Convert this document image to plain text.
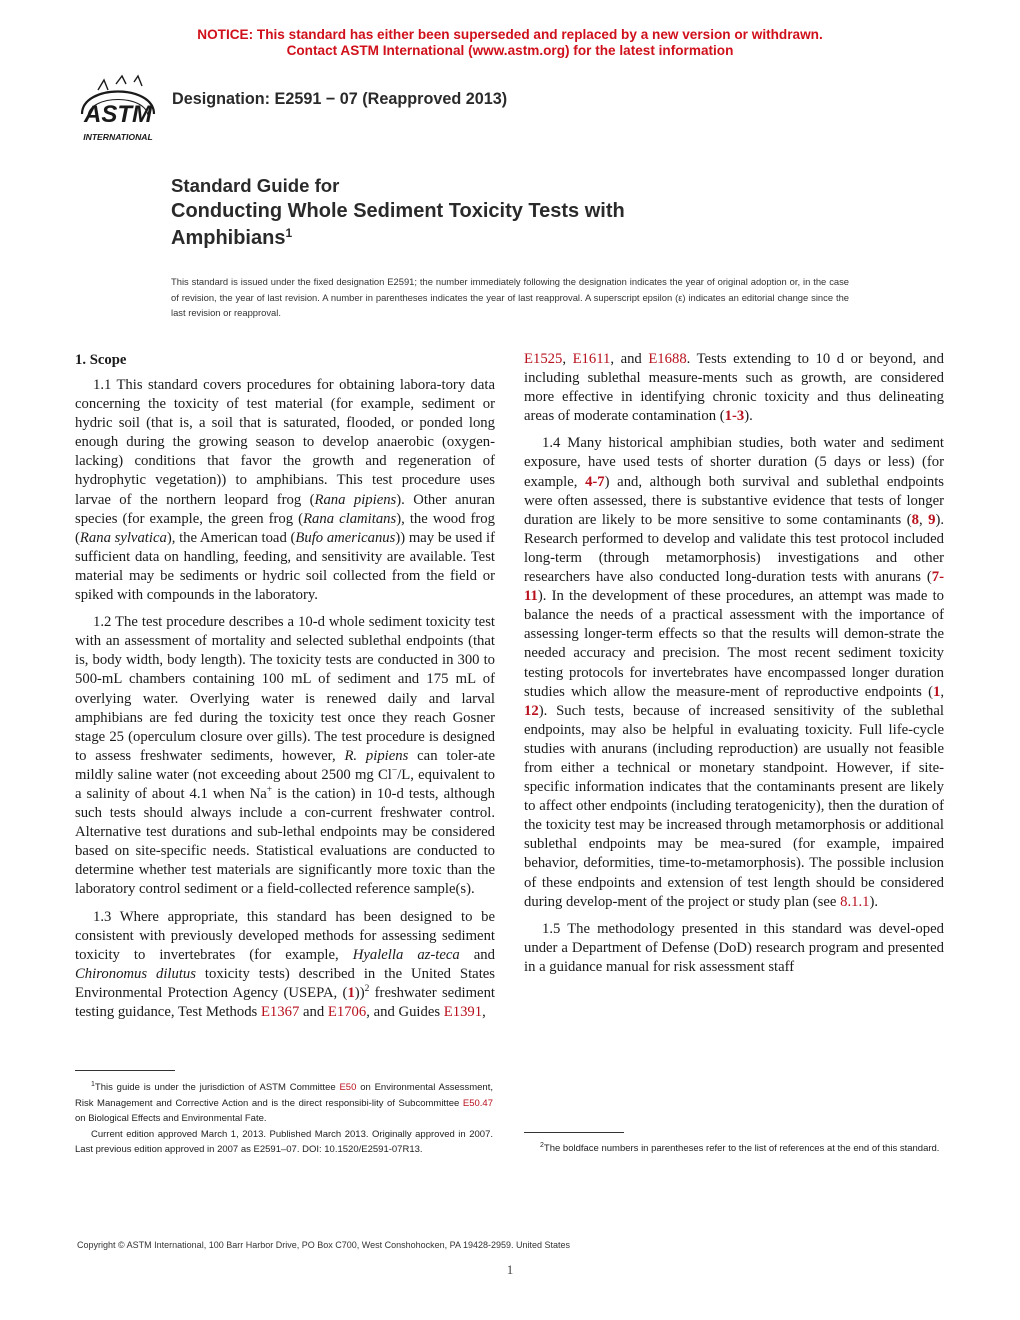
NOTICE: This standard has either been superseded and replaced by a new version or withdrawn.
Contact ASTM International (www.astm.org) for the latest information
ASTM
INTERNATIONAL
Designation: E2591 − 07 (Reapproved 2013)
Standard Guide for
Conducting Whole Sediment Toxicity Tests with
Amphibians$^1$
This standard is issued under the fixed designation E2591; the number immediately following the designation indicates the year of original adoption or, in the case of revision, the year of last revision. A number in parentheses indicates the year of last reapproval. A superscript epsilon (ε) indicates an editorial change since the last revision or reapproval.
1. Scope

1.1 This standard covers procedures for obtaining labora-tory data concerning the toxicity of test material (for example, sediment or hydric soil (that is, a soil that is saturated, flooded, or ponded long enough during the growing season to develop anaerobic (oxygen-lacking) conditions that favor the growth and regeneration of hydrophytic vegetation)) to amphibians. This test procedure uses larvae of the northern leopard frog (Rana pipiens). Other anuran species (for example, the green frog (Rana clamitans), the wood frog (Rana sylvatica), the American toad (Bufo americanus)) may be used if sufficient data on handling, feeding, and sensitivity are available. Test material may be sediments or hydric soil collected from the field or spiked with compounds in the laboratory.

1.2 The test procedure describes a 10-d whole sediment toxicity test with an assessment of mortality and selected sublethal endpoints (that is, body width, body length). The toxicity tests are conducted in 300 to 500-mL chambers containing 100 mL of sediment and 175 mL of overlying water. Overlying water is renewed daily and larval amphibians are fed during the toxicity test once they reach Gosner stage 25 (operculum closure over gills). The test procedure is designed to assess freshwater sediments, however, R. pipiens can toler-ate mildly saline water (not exceeding about 2500 mg Cl−/L, equivalent to a salinity of about 4.1 when Na+ is the cation) in 10-d tests, although such tests should always include a con-current freshwater control. Alternative test durations and sub-lethal endpoints may be considered based on site-specific needs. Statistical evaluations are conducted to determine whether test materials are significantly more toxic than the laboratory control sediment or a field-collected reference sample(s).

1.3 Where appropriate, this standard has been designed to be consistent with previously developed methods for assessing sediment toxicity to invertebrates (for example, Hyalella az-teca and Chironomus dilutus toxicity tests) described in the United States Environmental Protection Agency (USEPA, (1))$^2$ freshwater sediment testing guidance, Test Methods E1367 and E1706, and Guides E1391,

E1525, E1611, and E1688. Tests extending to 10 d or beyond, and including sublethal measure-ments such as growth, are considered more effective in identifying chronic toxicity and thus delineating areas of moderate contamination (1-3).

1.4 Many historical amphibian studies, both water and sediment exposure, have used tests of shorter duration (5 days or less) (for example, 4-7) and, although both survival and sublethal endpoints were often assessed, there is substantive evidence that tests of longer duration are likely to be more sensitive to some contaminants (8, 9). Research performed to develop and validate this test protocol included long-term (through metamorphosis) investigations and other researchers have also conducted long-duration tests with anurans (7-11). In the development of these procedures, an attempt was made to balance the needs of a practical assessment with the importance of assessing longer-term effects so that the results will demon-strate the needed accuracy and precision. The most recent sediment toxicity testing protocols for invertebrates have encompassed longer duration studies which allow the measure-ment of reproductive endpoints (1, 12). Such tests, because of increased sensitivity of the sublethal endpoints, may also be helpful in evaluating toxicity. Full life-cycle studies with anurans (including reproduction) are usually not feasible from either a technical or monetary standpoint. However, if site-specific information indicates that the contaminants present are likely to affect other endpoints (including teratogenicity), then the duration of the toxicity test may be increased through metamorphosis or additional sublethal endpoints may be mea-sured (for example, impaired behavior, deformities, time-to-metamorphosis). The possible inclusion of these endpoints and extension of test length should be considered during develop-ment of the project or study plan (see 8.1.1).

1.5 The methodology presented in this standard was devel-oped under a Department of Defense (DoD) research program and presented in a guidance manual for risk assessment staff

$^1$This guide is under the jurisdiction of ASTM Committee E50 on Environmental Assessment, Risk Management and Corrective Action and is the direct responsibi-lity of Subcommittee E50.47 on Biological Effects and Environmental Fate.

Current edition approved March 1, 2013. Published March 2013. Originally approved in 2007. Last previous edition approved in 2007 as E2591–07. DOI: 10.1520/E2591-07R13.	$^2$The boldface numbers in parentheses refer to the list of references at the end of this standard.

Copyright © ASTM International, 100 Barr Harbor Drive, PO Box C700, West Conshohocken, PA 19428-2959. United States
1
